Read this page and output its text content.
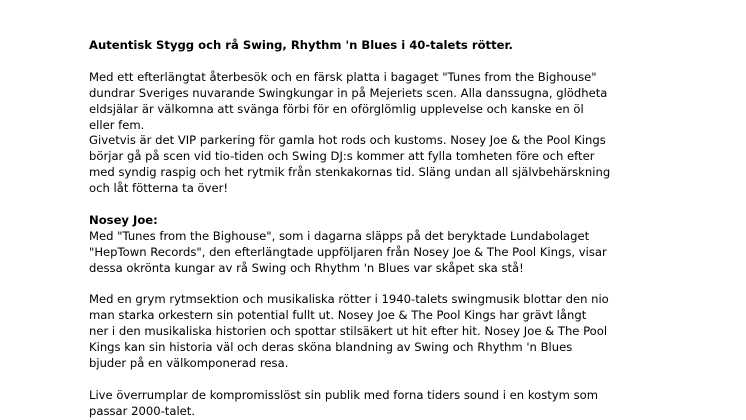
Autentisk Stygg och rå Swing, Rhythm 'n Blues i 40-talets rötter.

Med ett efterlängtat återbesök och en färsk platta i bagaget "Tunes from the Bighouse"

dundrar Sveriges nuvarande Swingkungar in på Mejeriets scen. Alla danssugna, glödheta

eldsjälar är välkomna att svänga förbi för en oförglömlig upplevelse och kanske en öl

eller fem.

Givetvis är det VIP parkering för gamla hot rods och kustoms. Nosey Joe & the Pool Kings

börjar gå på scen vid tio-tiden och Swing DJ:s kommer att fylla tomheten före och efter

med syndig raspig och het rytmik från stenkakornas tid. Släng undan all självbehärskning

och låt fötterna ta över!

Nosey Joe:

Med "Tunes from the Bighouse", som i dagarna släpps på det beryktade Lundabolaget

"HepTown Records", den efterlängtade uppföljaren från Nosey Joe & The Pool Kings, visar

dessa okrönta kungar av rå Swing och Rhythm 'n Blues var skåpet ska stå!

Med en grym rytmsektion och musikaliska rötter i 1940-talets swingmusik blottar den nio

man starka orkestern sin potential fullt ut. Nosey Joe & The Pool Kings har grävt långt

ner i den musikaliska historien och spottar stilsäkert ut hit efter hit. Nosey Joe & The Pool

Kings kan sin historia väl och deras sköna blandning av Swing och Rhythm 'n Blues

bjuder på en välkomponerad resa.

Live överrumplar de kompromisslöst sin publik med forna tiders sound i en kostym som

passar 2000-talet.
